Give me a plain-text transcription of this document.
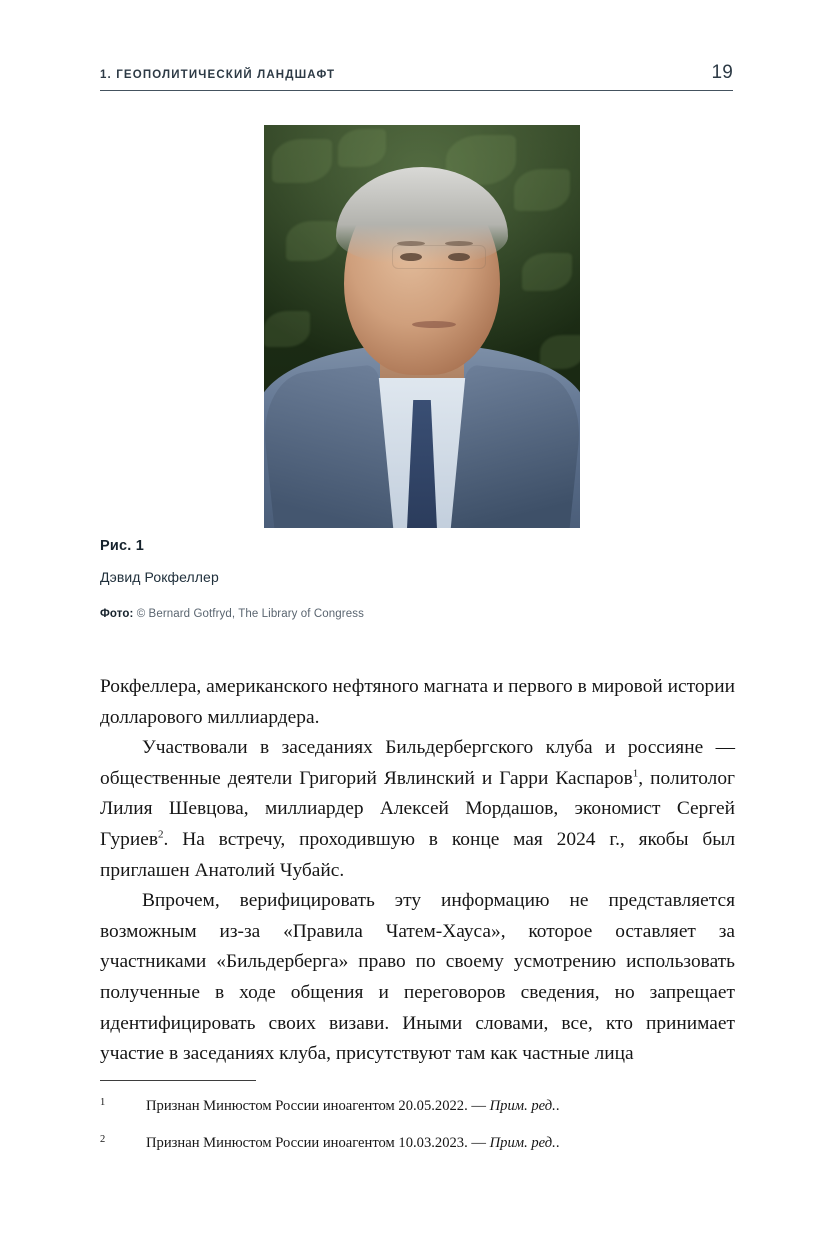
1. ГЕОПОЛИТИЧЕСКИЙ ЛАНДШАФТ	19
Рис. 1
Дэвид Рокфеллер
Фото: © Bernard Gotfryd, The Library of Congress

Рокфеллера, американского нефтяного магната и первого в мировой истории долларового миллиардера.

Участвовали в заседаниях Бильдербергского клуба и россияне — общественные деятели Григорий Явлинский и Гарри Каспаров$^1$, политолог Лилия Шевцова, миллиардер Алексей Мордашов, экономист Сергей Гуриев$^2$. На встречу, проходившую в конце мая 2024 г., якобы был приглашен Анатолий Чубайс.

Впрочем, верифицировать эту информацию не представляется возможным из-за «Правила Чатем-Хауса», которое оставляет за участниками «Бильдерберга» право по своему усмотрению использовать полученные в ходе общения и переговоров сведения, но запрещает идентифицировать своих визави. Иными словами, все, кто принимает участие в заседаниях клуба, присутствуют там как частные лица

1	Признан Минюстом России иноагентом 20.05.2022. — Прим. ред..
2	Признан Минюстом России иноагентом 10.03.2023. — Прим. ред..
